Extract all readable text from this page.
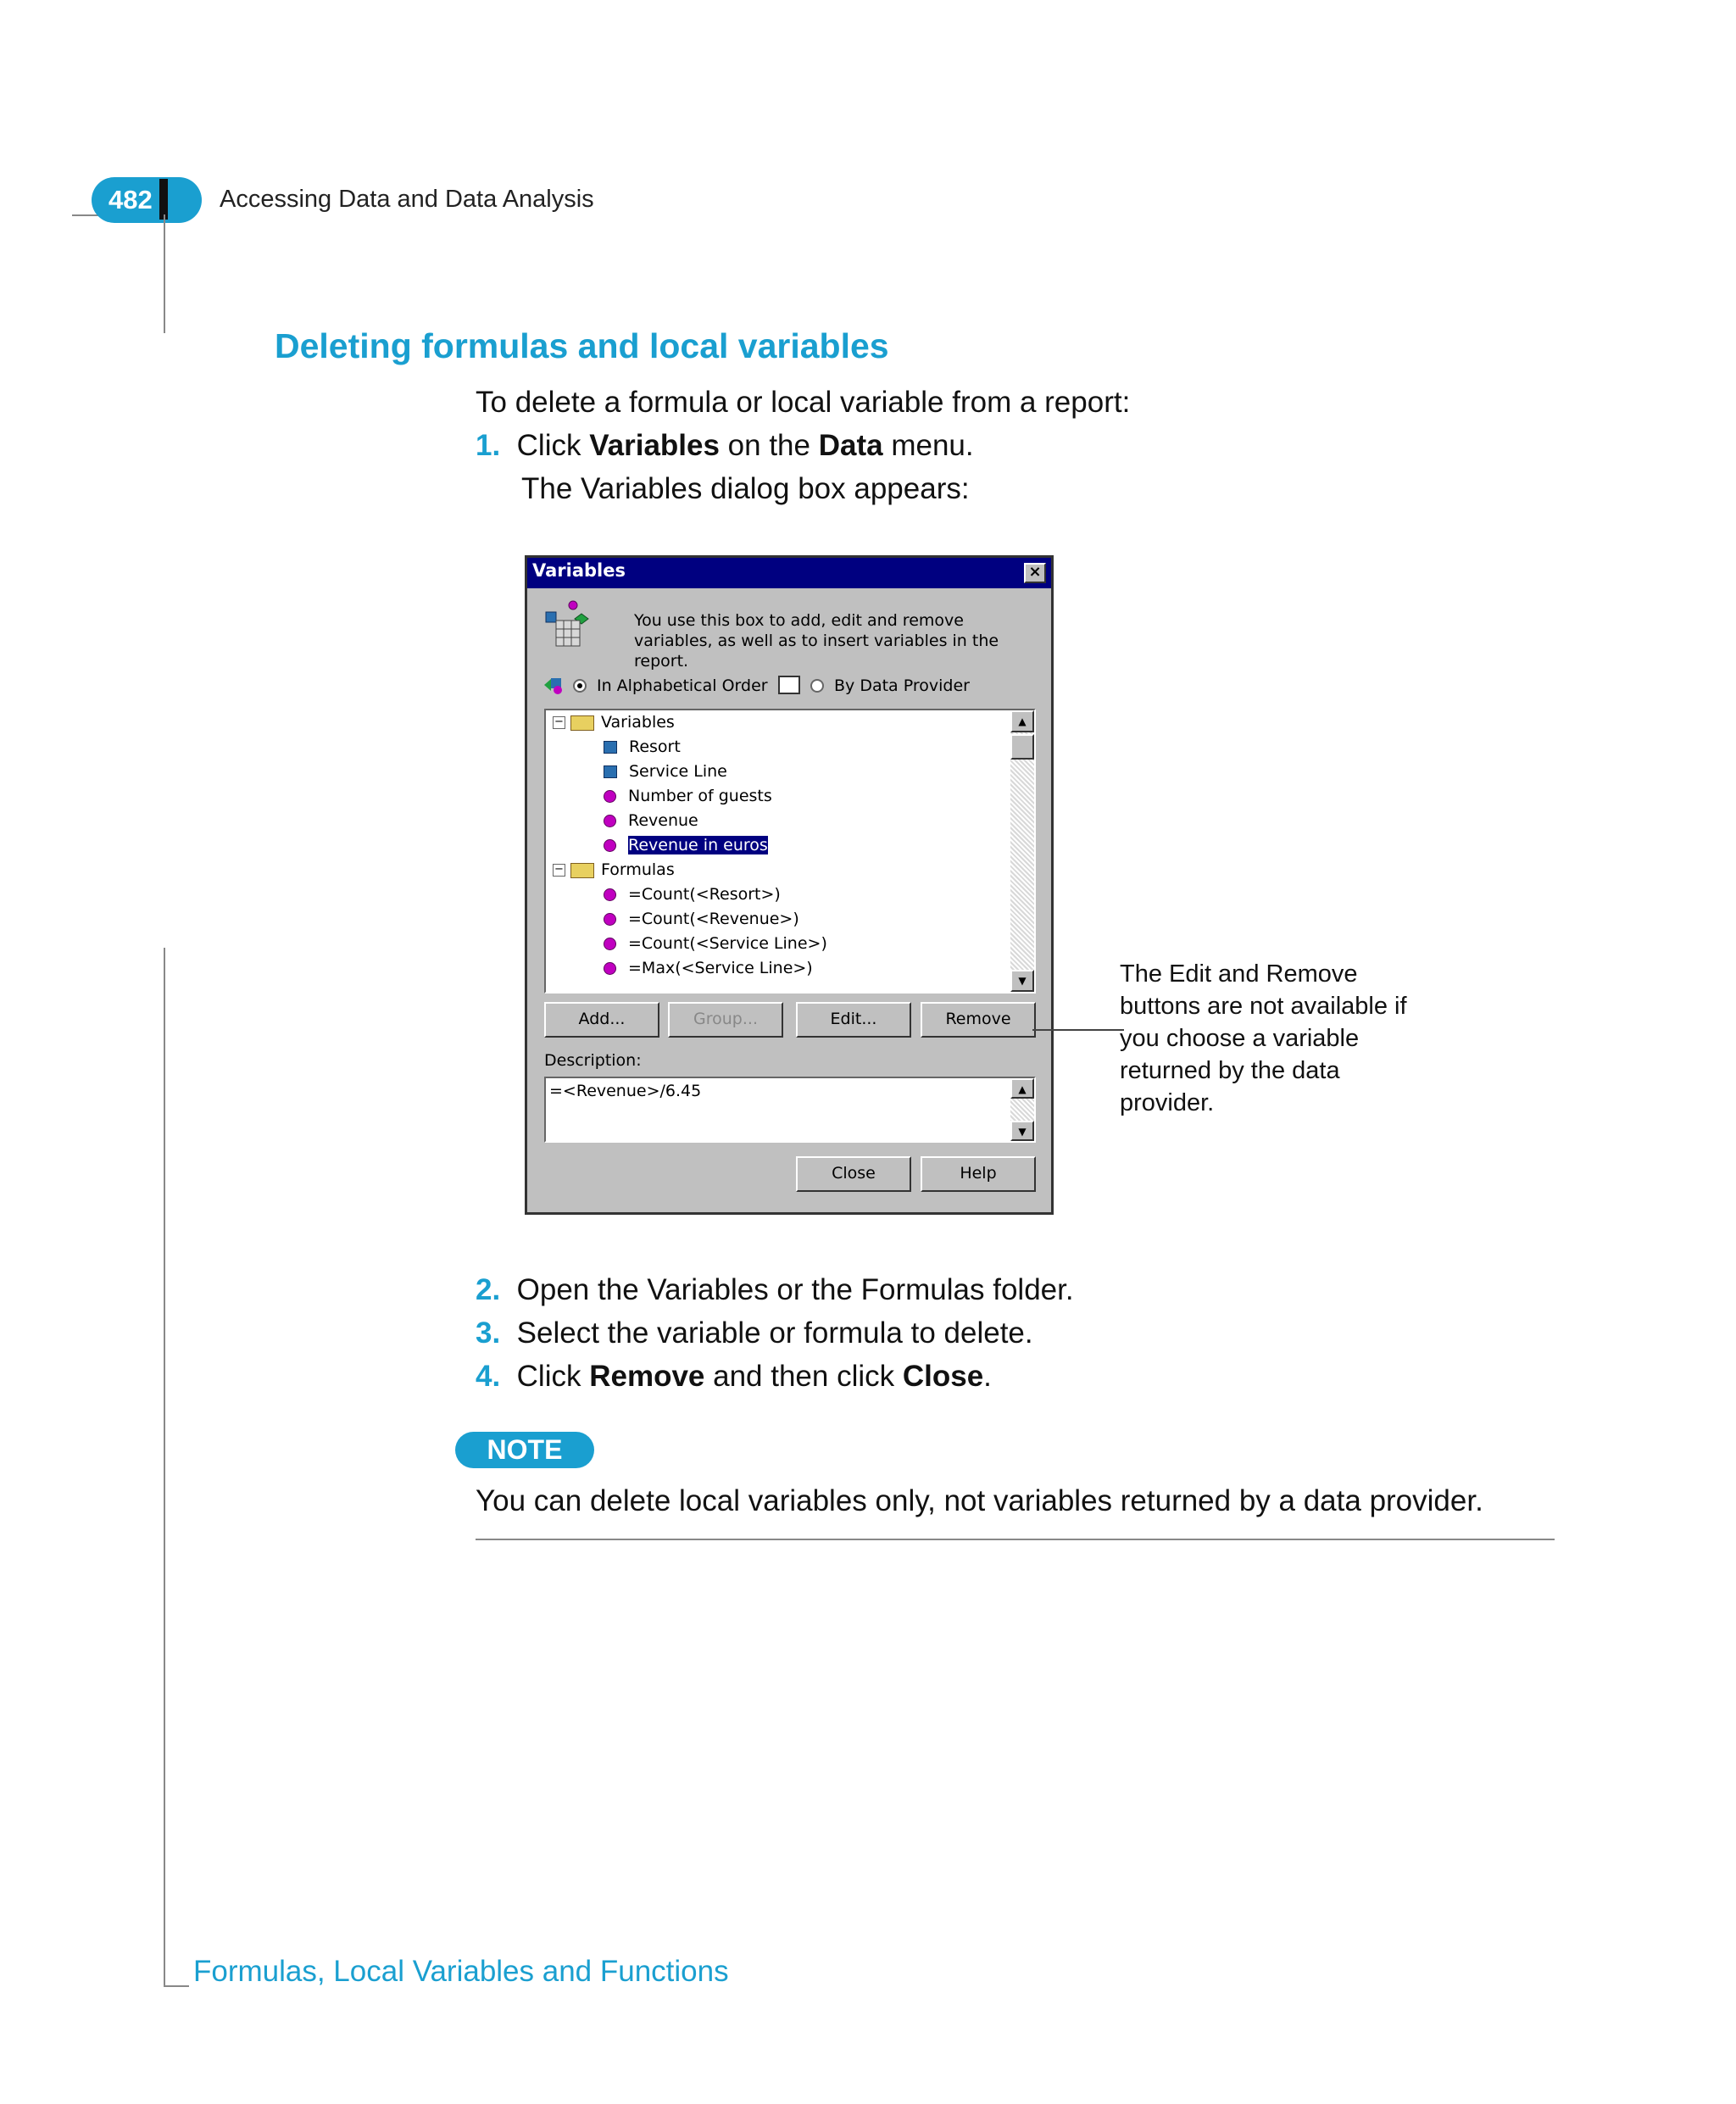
482	Accessing Data and Data Analysis
Deleting formulas and local variables
To delete a formula or local variable from a report:
1. Click Variables on the Data menu.
The Variables dialog box appears:
Variables	×
You use this box to add, edit and remove variables, as well as to insert variables in the report.
In Alphabetical Order	By Data Provider
− Variables
Resort
Service Line
Number of guests
Revenue
Revenue in euros
− Formulas
=Count(<Resort>)
=Count(<Revenue>)
=Count(<Service Line>)
=Max(<Service Line>)
▲
▼
Add...	Group...	Edit...	Remove
Description:
=<Revenue>/6.45	▲
▼
Close	Help
The Edit and Remove
buttons are not available if
you choose a variable
returned by the data
provider.
2. Open the Variables or the Formulas folder.
3. Select the variable or formula to delete.
4. Click Remove and then click Close.
NOTE
You can delete local variables only, not variables returned by a data provider.
Formulas, Local Variables and Functions
